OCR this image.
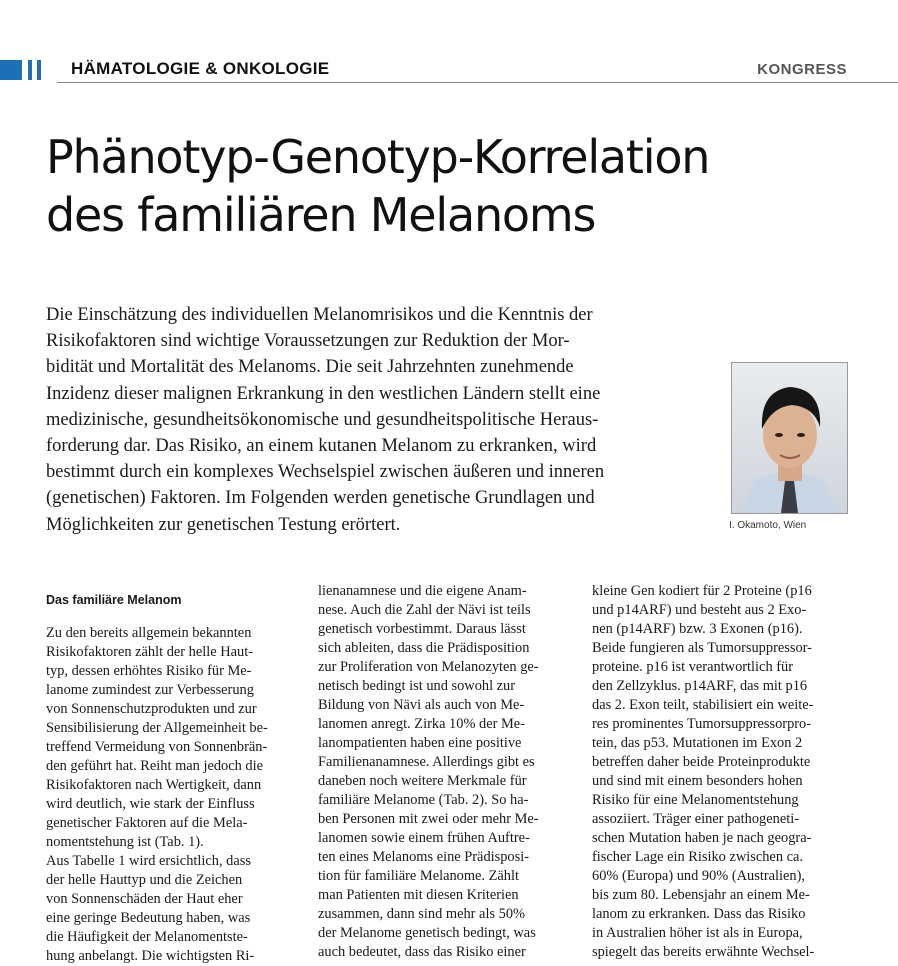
HÄMATOLOGIE & ONKOLOGIE	KONGRESS
Phänotyp-Genotyp-Korrelation
des familiären Melanoms

Die Einschätzung des individuellen Melanomrisikos und die Kenntnis der
Risikofaktoren sind wichtige Voraussetzungen zur Reduktion der Mor-
bidität und Mortalität des Melanoms. Die seit Jahrzehnten zunehmende
Inzidenz dieser malignen Erkrankung in den westlichen Ländern stellt eine
medizinische, gesundheitsökonomische und gesundheitspolitische Heraus-
forderung dar. Das Risiko, an einem kutanen Melanom zu erkranken, wird
bestimmt durch ein komplexes Wechselspiel zwischen äußeren und inneren
(genetischen) Faktoren. Im Folgenden werden genetische Grundlagen und
Möglichkeiten zur genetischen Testung erörtert.	I. Okamoto, Wien
Das familiäre Melanom
Zu den bereits allgemein bekannten
Risikofaktoren zählt der helle Haut-
typ, dessen erhöhtes Risiko für Me-
lanome zumindest zur Verbesserung
von Sonnenschutzprodukten und zur
Sensibilisierung der Allgemeinheit be-
treffend Vermeidung von Sonnenbrän-
den geführt hat. Reiht man jedoch die
Risikofaktoren nach Wertigkeit, dann
wird deutlich, wie stark der Einfluss
genetischer Faktoren auf die Mela-
nomentstehung ist (Tab. 1).
Aus Tabelle 1 wird ersichtlich, dass
der helle Hauttyp und die Zeichen
von Sonnenschäden der Haut eher
eine geringe Bedeutung haben, was
die Häufigkeit der Melanomentste-
hung anbelangt. Die wichtigsten Ri-
lienanamnese und die eigene Anam-
nese. Auch die Zahl der Nävi ist teils
genetisch vorbestimmt. Daraus lässt
sich ableiten, dass die Prädisposition
zur Proliferation von Melanozyten ge-
netisch bedingt ist und sowohl zur
Bildung von Nävi als auch von Me-
lanomen anregt. Zirka 10% der Me-
lanompatienten haben eine positive
Familienanamnese. Allerdings gibt es
daneben noch weitere Merkmale für
familiäre Melanome (Tab. 2). So ha-
ben Personen mit zwei oder mehr Me-
lanomen sowie einem frühen Auftre-
ten eines Melanoms eine Prädisposi-
tion für familiäre Melanome. Zählt
man Patienten mit diesen Kriterien
zusammen, dann sind mehr als 50%
der Melanome genetisch bedingt, was
auch bedeutet, dass das Risiko einer
kleine Gen kodiert für 2 Proteine (p16
und p14ARF) und besteht aus 2 Exo-
nen (p14ARF) bzw. 3 Exonen (p16).
Beide fungieren als Tumorsuppressor-
proteine. p16 ist verantwortlich für
den Zellzyklus. p14ARF, das mit p16
das 2. Exon teilt, stabilisiert ein weite-
res prominentes Tumorsuppressorpro-
tein, das p53. Mutationen im Exon 2
betreffen daher beide Proteinprodukte
und sind mit einem besonders hohen
Risiko für eine Melanomentstehung
assoziiert. Träger einer pathogeneti-
schen Mutation haben je nach geogra-
fischer Lage ein Risiko zwischen ca.
60% (Europa) und 90% (Australien),
bis zum 80. Lebensjahr an einem Me-
lanom zu erkranken. Dass das Risiko
in Australien höher ist als in Europa,
spiegelt das bereits erwähnte Wechsel-
